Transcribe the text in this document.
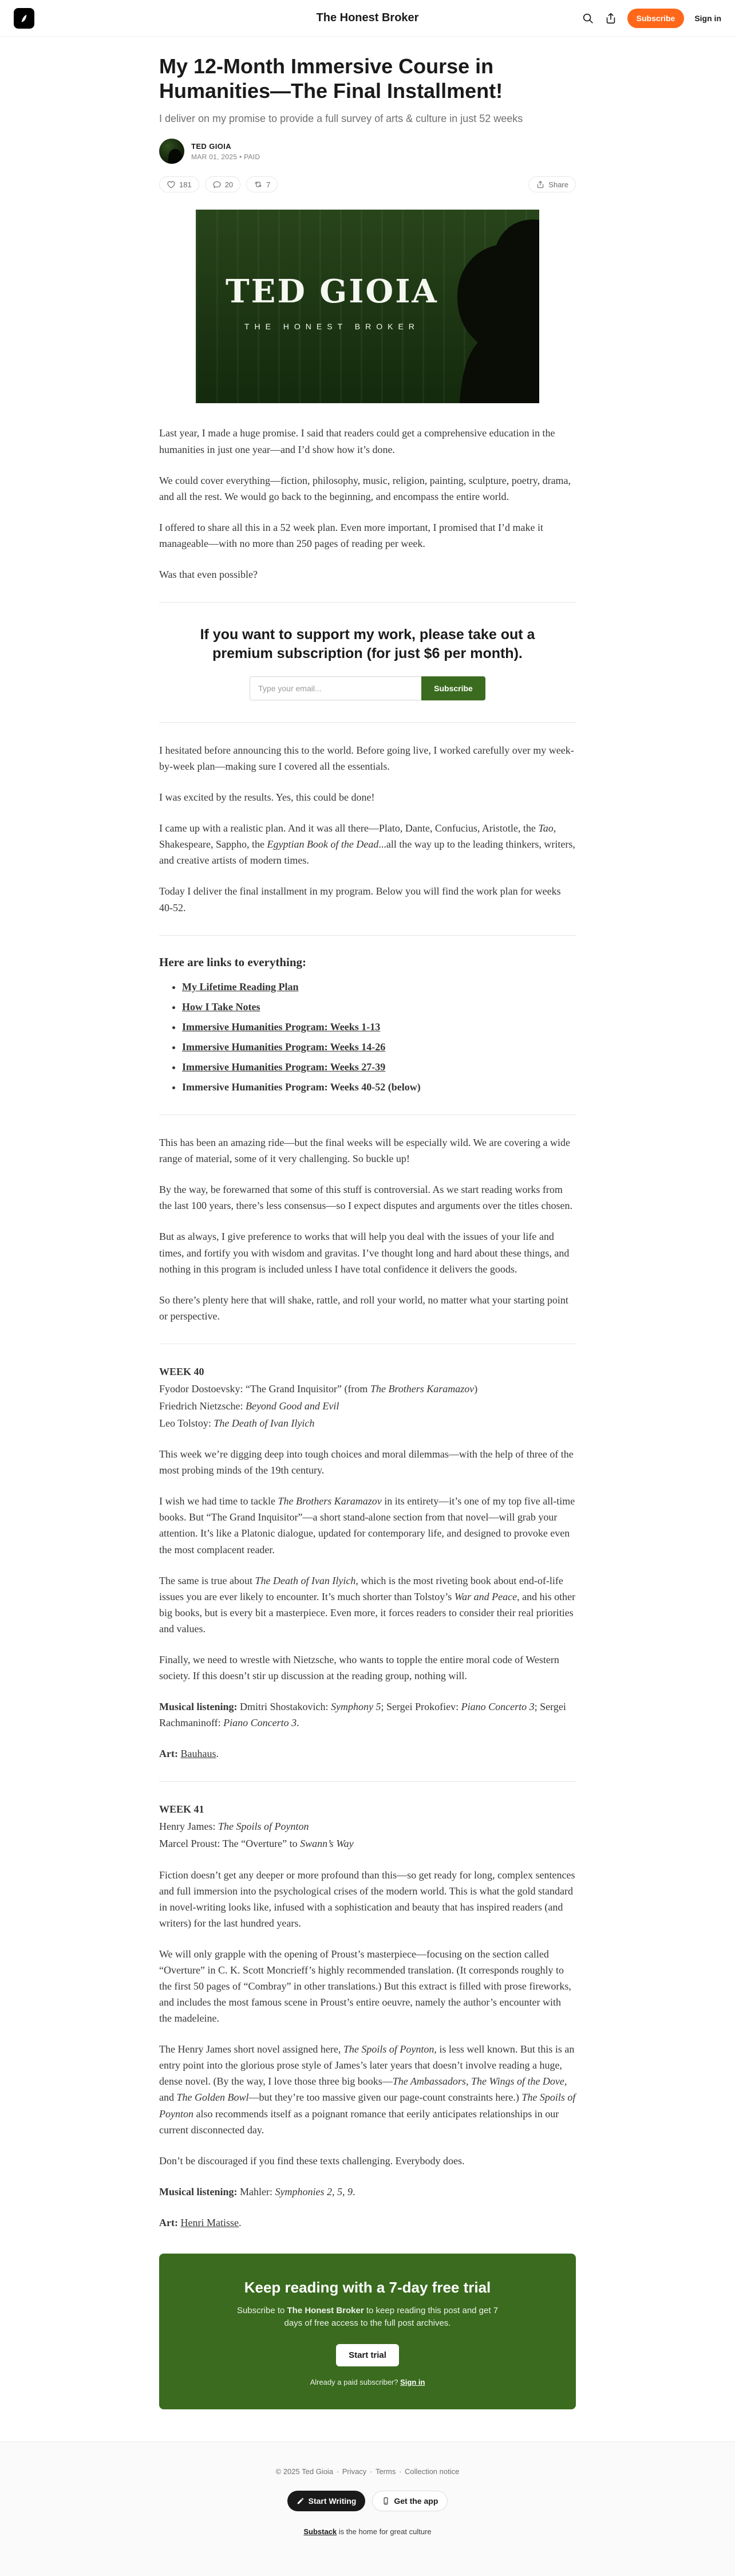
The Honest Broker	Subscribe	Sign in
My 12-Month Immersive Course in Humanities—The Final Installment!
I deliver on my promise to provide a full survey of arts & culture in just 52 weeks
TED GIOIA
MAR 01, 2025 • PAID
181	20	7	Share
TED GIOIA
THE HONEST BROKER

Last year, I made a huge promise. I said that readers could get a comprehensive education in the humanities in just one year—and I’d show how it’s done.

We could cover everything—fiction, philosophy, music, religion, painting, sculpture, poetry, drama, and all the rest. We would go back to the beginning, and encompass the entire world.

I offered to share all this in a 52 week plan. Even more important, I promised that I’d make it manageable—with no more than 250 pages of reading per week.

Was that even possible?

If you want to support my work, please take out a premium subscription (for just $6 per month).
Type your email...
Subscribe

I hesitated before announcing this to the world. Before going live, I worked carefully over my week-by-week plan—making sure I covered all the essentials.

I was excited by the results. Yes, this could be done!

I came up with a realistic plan. And it was all there—Plato, Dante, Confucius, Aristotle, the Tao, Shakespeare, Sappho, the Egyptian Book of the Dead...all the way up to the leading thinkers, writers, and creative artists of modern times.

Today I deliver the final installment in my program. Below you will find the work plan for weeks 40-52.

Here are links to everything:
• My Lifetime Reading Plan
• How I Take Notes
• Immersive Humanities Program: Weeks 1-13
• Immersive Humanities Program: Weeks 14-26
• Immersive Humanities Program: Weeks 27-39
• Immersive Humanities Program: Weeks 40-52 (below)

This has been an amazing ride—but the final weeks will be especially wild. We are covering a wide range of material, some of it very challenging. So buckle up!

By the way, be forewarned that some of this stuff is controversial. As we start reading works from the last 100 years, there’s less consensus—so I expect disputes and arguments over the titles chosen.

But as always, I give preference to works that will help you deal with the issues of your life and times, and fortify you with wisdom and gravitas. I’ve thought long and hard about these things, and nothing in this program is included unless I have total confidence it delivers the goods.

So there’s plenty here that will shake, rattle, and roll your world, no matter what your starting point or perspective.

WEEK 40

Fyodor Dostoevsky: “The Grand Inquisitor” (from The Brothers Karamazov)

Friedrich Nietzsche: Beyond Good and Evil

Leo Tolstoy: The Death of Ivan Ilyich

This week we’re digging deep into tough choices and moral dilemmas—with the help of three of the most probing minds of the 19th century.

I wish we had time to tackle The Brothers Karamazov in its entirety—it’s one of my top five all-time books. But “The Grand Inquisitor”—a short stand-alone section from that novel—will grab your attention. It’s like a Platonic dialogue, updated for contemporary life, and designed to provoke even the most complacent reader.

The same is true about The Death of Ivan Ilyich, which is the most riveting book about end-of-life issues you are ever likely to encounter. It’s much shorter than Tolstoy’s War and Peace, and his other big books, but is every bit a masterpiece. Even more, it forces readers to consider their real priorities and values.

Finally, we need to wrestle with Nietzsche, who wants to topple the entire moral code of Western society. If this doesn’t stir up discussion at the reading group, nothing will.

Musical listening: Dmitri Shostakovich: Symphony 5; Sergei Prokofiev: Piano Concerto 3; Sergei Rachmaninoff: Piano Concerto 3.

Art: Bauhaus.

WEEK 41

Henry James: The Spoils of Poynton

Marcel Proust: The “Overture” to Swann’s Way

Fiction doesn’t get any deeper or more profound than this—so get ready for long, complex sentences and full immersion into the psychological crises of the modern world. This is what the gold standard in novel-writing looks like, infused with a sophistication and beauty that has inspired readers (and writers) for the last hundred years.

We will only grapple with the opening of Proust’s masterpiece—focusing on the section called “Overture” in C. K. Scott Moncrieff’s highly recommended translation. (It corresponds roughly to the first 50 pages of “Combray” in other translations.) But this extract is filled with prose fireworks, and includes the most famous scene in Proust’s entire oeuvre, namely the author’s encounter with the madeleine.

The Henry James short novel assigned here, The Spoils of Poynton, is less well known. But this is an entry point into the glorious prose style of James’s later years that doesn’t involve reading a huge, dense novel. (By the way, I love those three big books—The Ambassadors, The Wings of the Dove, and The Golden Bowl—but they’re too massive given our page-count constraints here.) The Spoils of Poynton also recommends itself as a poignant romance that eerily anticipates relationships in our current disconnected day.

Don’t be discouraged if you find these texts challenging. Everybody does.

Musical listening: Mahler: Symphonies 2, 5, 9.

Art: Henri Matisse.

Keep reading with a 7-day free trial

Subscribe to The Honest Broker to keep reading this post and get 7 days of free access to the full post archives.

Start trial
Already a paid subscriber? Sign in
© 2025 Ted Gioia ∙ Privacy ∙ Terms ∙ Collection notice
Start Writing	Get the app
Substack is the home for great culture
